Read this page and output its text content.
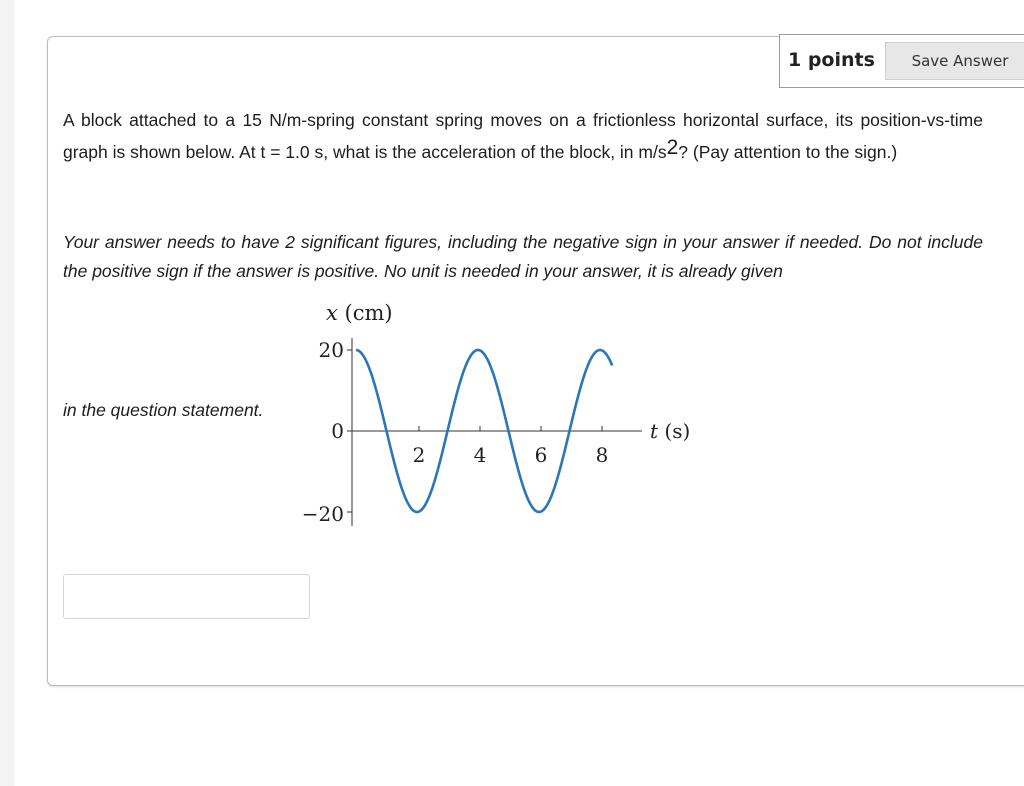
1 points	Save Answer
A block attached to a 15 N/m-spring constant spring moves on a frictionless horizontal surface, its position-vs-time graph is shown below. At t = 1.0 s, what is the acceleration of the block, in m/s2? (Pay attention to the sign.)
Your answer needs to have 2 significant figures, including the negative sign in your answer if needed. Do not include the positive sign if the answer is positive. No unit is needed in your answer, it is already given
in the question statement.
x (cm)
20
0
−20
2 4 6 8
t (s)
